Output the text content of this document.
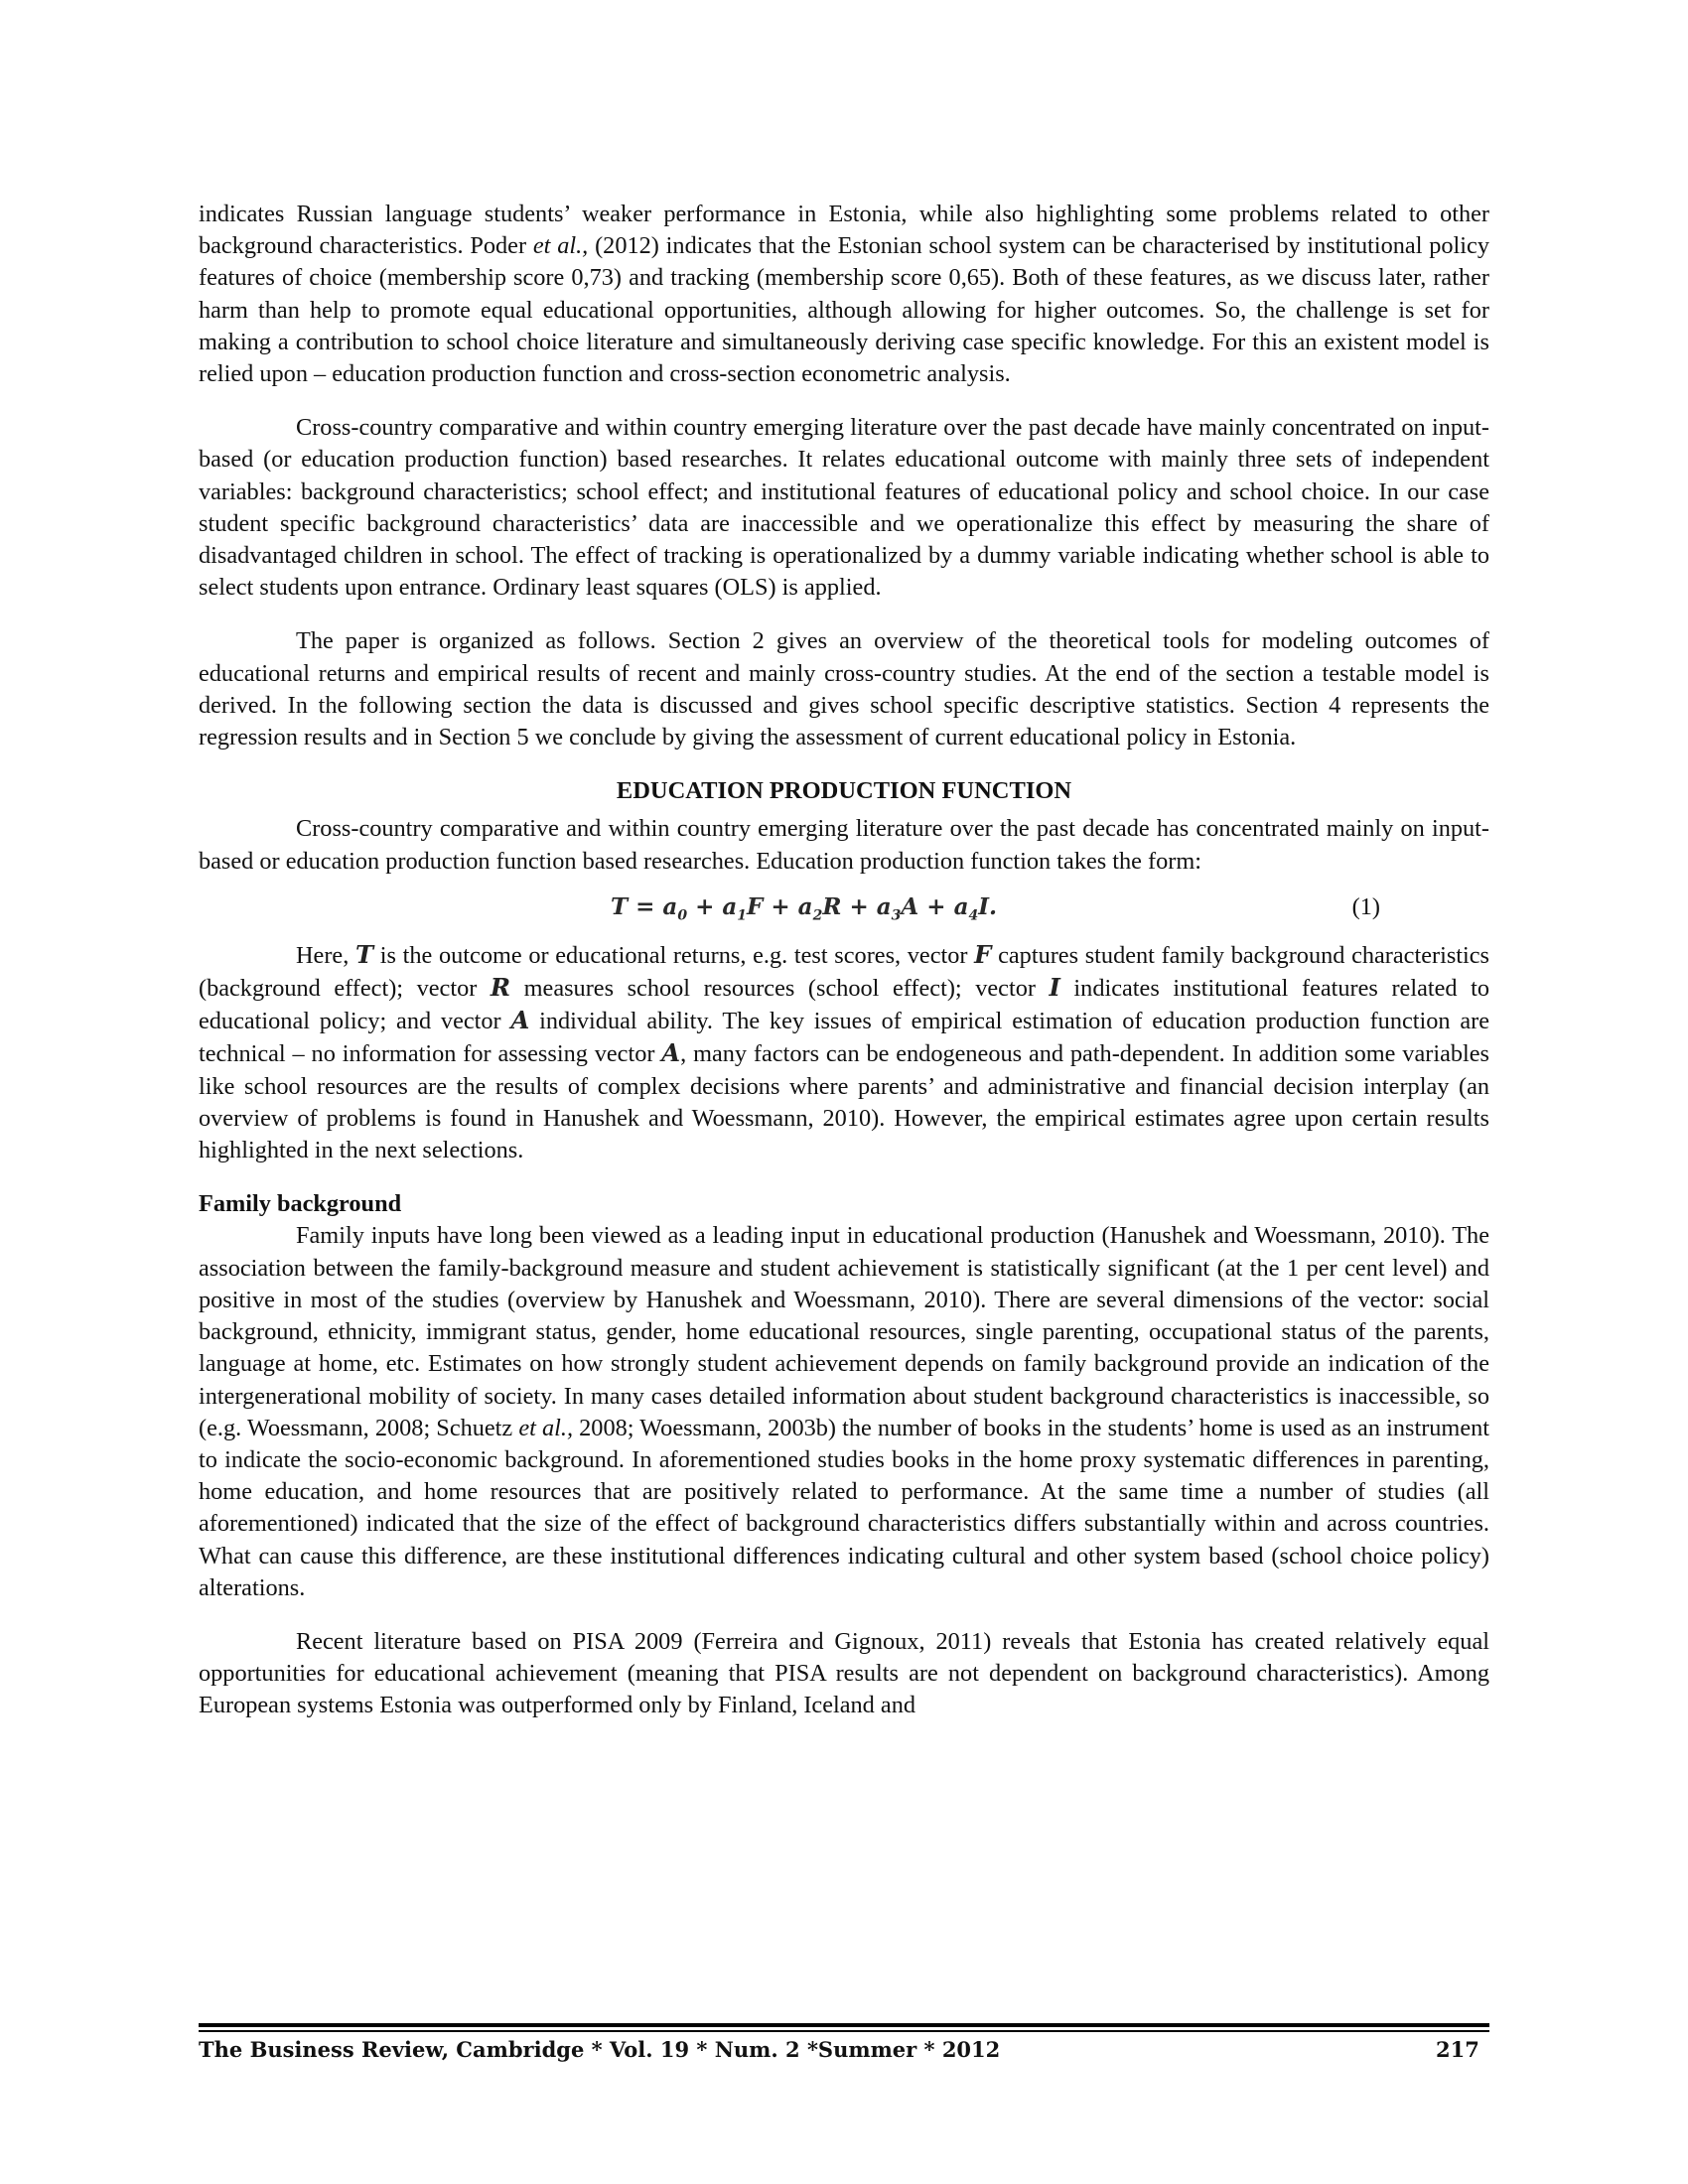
indicates Russian language students’ weaker performance in Estonia, while also highlighting some problems related to other background characteristics. Poder et al., (2012) indicates that the Estonian school system can be characterised by institutional policy features of choice (membership score 0,73) and tracking (membership score 0,65). Both of these features, as we discuss later, rather harm than help to promote equal educational opportunities, although allowing for higher outcomes. So, the challenge is set for making a contribution to school choice literature and simultaneously deriving case specific knowledge. For this an existent model is relied upon – education production function and cross-section econometric analysis.

Cross-country comparative and within country emerging literature over the past decade have mainly concentrated on input-based (or education production function) based researches. It relates educational outcome with mainly three sets of independent variables: background characteristics; school effect; and institutional features of educational policy and school choice. In our case student specific background characteristics’ data are inaccessible and we operationalize this effect by measuring the share of disadvantaged children in school. The effect of tracking is operationalized by a dummy variable indicating whether school is able to select students upon entrance. Ordinary least squares (OLS) is applied.

The paper is organized as follows. Section 2 gives an overview of the theoretical tools for modeling outcomes of educational returns and empirical results of recent and mainly cross-country studies. At the end of the section a testable model is derived. In the following section the data is discussed and gives school specific descriptive statistics. Section 4 represents the regression results and in Section 5 we conclude by giving the assessment of current educational policy in Estonia.

EDUCATION PRODUCTION FUNCTION

Cross-country comparative and within country emerging literature over the past decade has concentrated mainly on input-based or education production function based researches. Education production function takes the form:

$T = a_0 + a_1F + a_2R + a_3A + a_4I$.	(1)

Here, T is the outcome or educational returns, e.g. test scores, vector F captures student family background characteristics (background effect); vector R measures school resources (school effect); vector I indicates institutional features related to educational policy; and vector A individual ability. The key issues of empirical estimation of education production function are technical – no information for assessing vector A, many factors can be endogeneous and path-dependent. In addition some variables like school resources are the results of complex decisions where parents’ and administrative and financial decision interplay (an overview of problems is found in Hanushek and Woessmann, 2010). However, the empirical estimates agree upon certain results highlighted in the next selections.

Family background

Family inputs have long been viewed as a leading input in educational production (Hanushek and Woessmann, 2010). The association between the family-background measure and student achievement is statistically significant (at the 1 per cent level) and positive in most of the studies (overview by Hanushek and Woessmann, 2010). There are several dimensions of the vector: social background, ethnicity, immigrant status, gender, home educational resources, single parenting, occupational status of the parents, language at home, etc. Estimates on how strongly student achievement depends on family background provide an indication of the intergenerational mobility of society. In many cases detailed information about student background characteristics is inaccessible, so (e.g. Woessmann, 2008; Schuetz et al., 2008; Woessmann, 2003b) the number of books in the students’ home is used as an instrument to indicate the socio-economic background. In aforementioned studies books in the home proxy systematic differences in parenting, home education, and home resources that are positively related to performance. At the same time a number of studies (all aforementioned) indicated that the size of the effect of background characteristics differs substantially within and across countries. What can cause this difference, are these institutional differences indicating cultural and other system based (school choice policy) alterations.

Recent literature based on PISA 2009 (Ferreira and Gignoux, 2011) reveals that Estonia has created relatively equal opportunities for educational achievement (meaning that PISA results are not dependent on background characteristics). Among European systems Estonia was outperformed only by Finland, Iceland and

The Business Review, Cambridge * Vol. 19 * Num. 2 *Summer * 2012	217
